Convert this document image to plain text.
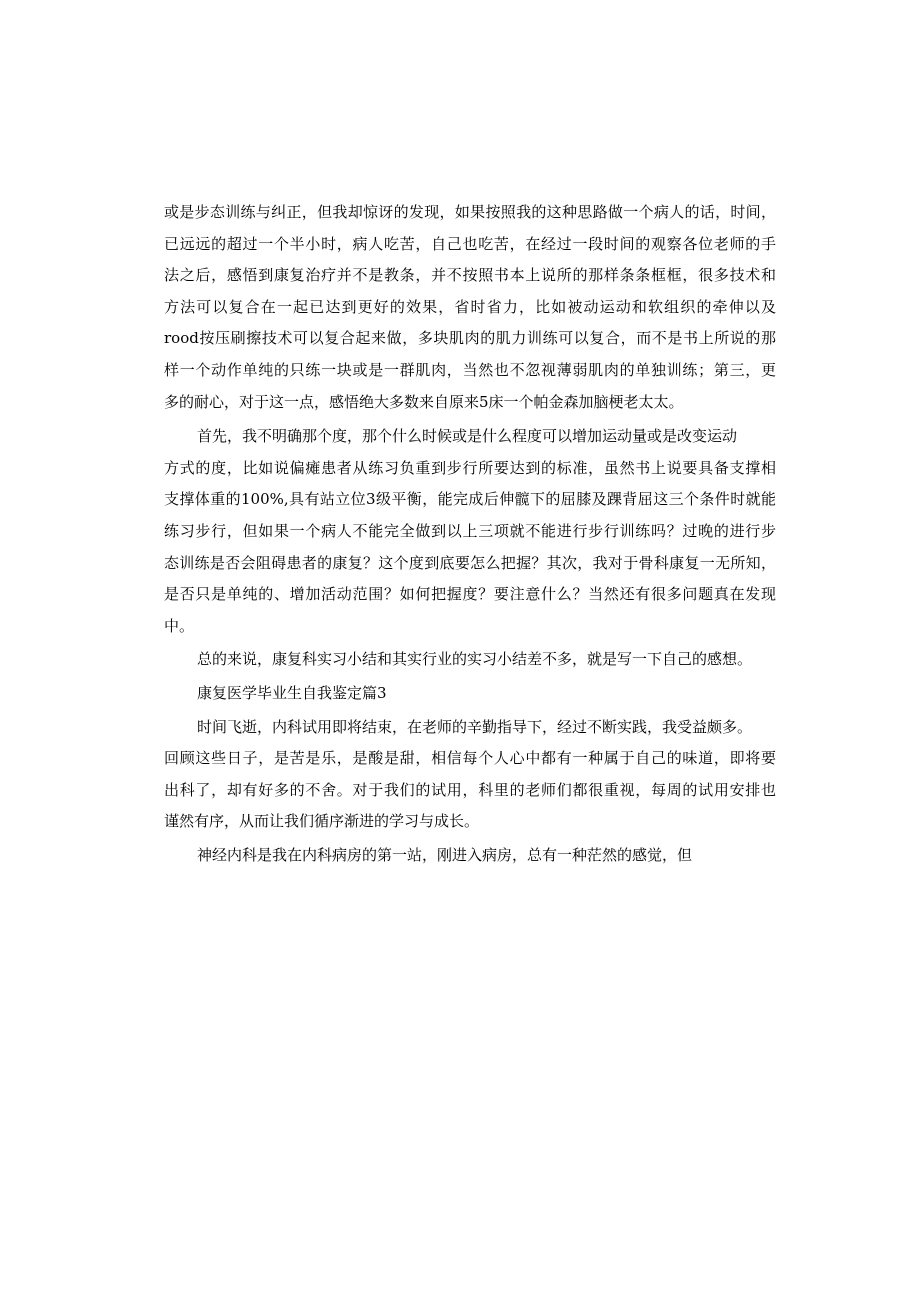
或是步态训练与纠正，但我却惊讶的发现，如果按照我的这种思路做一个病人的话，时间，
已远远的超过一个半小时，病人吃苦，自己也吃苦，在经过一段时间的观察各位老师的手
法之后，感悟到康复治疗并不是教条，并不按照书本上说所的那样条条框框，很多技术和
方法可以复合在一起已达到更好的效果，省时省力，比如被动运动和软组织的牵伸以及
rood按压刷擦技术可以复合起来做，多块肌肉的肌力训练可以复合，而不是书上所说的那
样一个动作单纯的只练一块或是一群肌肉，当然也不忽视薄弱肌肉的单独训练；第三，更
多的耐心，对于这一点，感悟绝大多数来自原来5床一个帕金森加脑梗老太太。

首先，我不明确那个度，那个什么时候或是什么程度可以增加运动量或是改变运动
方式的度，比如说偏瘫患者从练习负重到步行所要达到的标准，虽然书上说要具备支撑相
支撑体重的100%,具有站立位3级平衡，能完成后伸髋下的屈膝及踝背屈这三个条件时就能
练习步行，但如果一个病人不能完全做到以上三项就不能进行步行训练吗？过晚的进行步
态训练是否会阻碍患者的康复？这个度到底要怎么把握？其次，我对于骨科康复一无所知，
是否只是单纯的、增加活动范围？如何把握度？要注意什么？当然还有很多问题真在发现
中。

总的来说，康复科实习小结和其实行业的实习小结差不多，就是写一下自己的感想。

康复医学毕业生自我鉴定篇3

时间飞逝，内科试用即将结束，在老师的辛勤指导下，经过不断实践，我受益颇多。
回顾这些日子，是苦是乐，是酸是甜，相信每个人心中都有一种属于自己的味道，即将要
出科了，却有好多的不舍。对于我们的试用，科里的老师们都很重视，每周的试用安排也
谨然有序，从而让我们循序渐进的学习与成长。

神经内科是我在内科病房的第一站，刚进入病房，总有一种茫然的感觉，但
